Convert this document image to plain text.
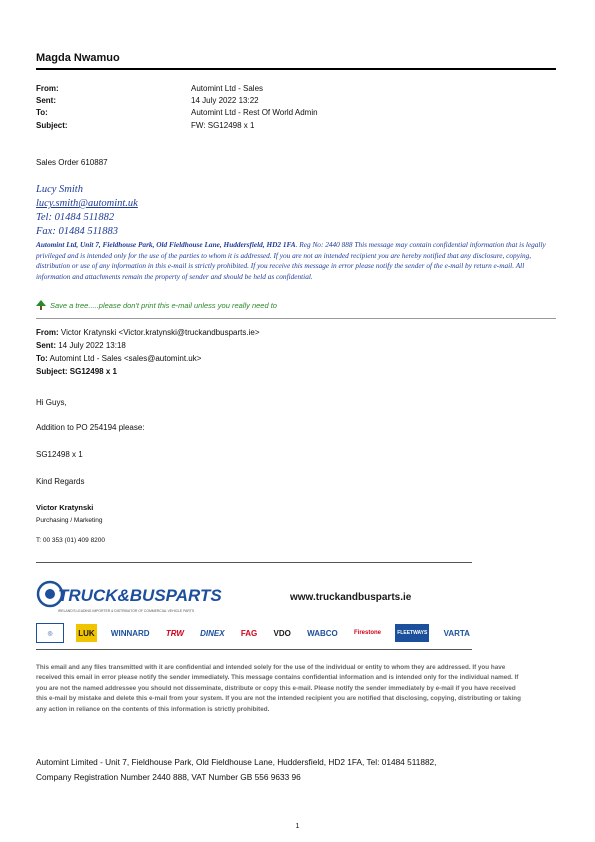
Magda Nwamuo
From:	Automint Ltd - Sales
Sent:	14 July 2022 13:22
To:	Automint Ltd - Rest Of World Admin
Subject:	FW: SG12498 x 1
Sales Order 610887
Lucy Smith
lucy.smith@automint.uk
Tel: 01484 511882
Fax: 01484 511883
Automint Ltd, Unit 7, Fieldhouse Park, Old Fieldhouse Lane, Huddersfield, HD2 1FA. Reg No: 2440 888 This message may contain confidential information that is legally privileged and is intended only for the use of the parties to whom it is addressed. If you are not an intended recipient you are hereby notified that any disclosure, copying, distribution or use of any information in this e-mail is strictly prohibited. If you receive this message in error please notify the sender of the e-mail by return e-mail. All information and attachments remain the property of sender and should be held as confidential.
Save a tree.....please don't print this e-mail unless you really need to
From: Victor Kratynski <Victor.kratynski@truckandbusparts.ie>
Sent: 14 July 2022 13:18
To: Automint Ltd - Sales <sales@automint.uk>
Subject: SG12498 x 1
Hi Guys,
Addition to PO 254194 please:
SG12498 x 1
Kind Regards
Victor Kratynski
Purchasing / Marketing
T: 00 353 (01) 409 8200
TRUCK&BUSPARTS
IRELAND'S LEADING IMPORTER & DISTRIBUTOR OF COMMERCIAL VEHICLE PARTS
www.truckandbusparts.ie
◎	LUK WINNARD TRW DINEX FAG VDO WABCO	Firestone	FLEETWAYS VARTA
This email and any files transmitted with it are confidential and intended solely for the use of the individual or entity to whom they are addressed. If you have received this email in error please notify the sender immediately. This message contains confidential information and is intended only for the individual named. If you are not the named addressee you should not disseminate, distribute or copy this e-mail. Please notify the sender immediately by e-mail if you have received this e-mail by mistake and delete this e-mail from your system. If you are not the intended recipient you are notified that disclosing, copying, distributing or taking any action in reliance on the contents of this information is strictly prohibited.
Automint Limited - Unit 7, Fieldhouse Park, Old Fieldhouse Lane, Huddersfield, HD2 1FA, Tel: 01484 511882,
Company Registration Number 2440 888, VAT Number GB 556 9633 96
1
